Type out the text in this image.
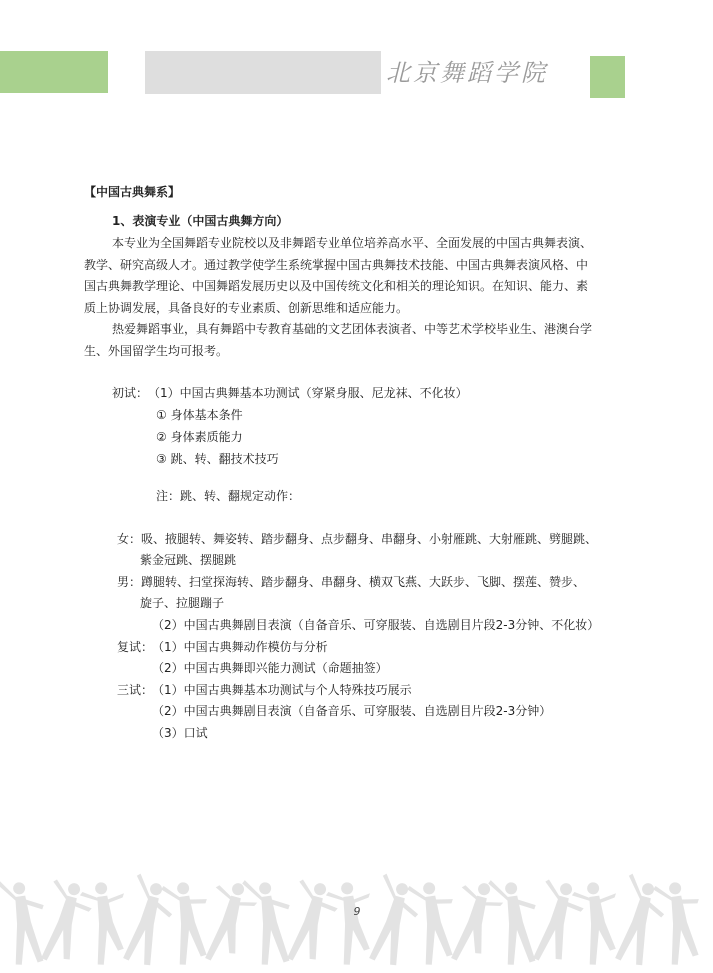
北京舞蹈学院
【中国古典舞系】
1、表演专业（中国古典舞方向）
本专业为全国舞蹈专业院校以及非舞蹈专业单位培养高水平、全面发展的中国古典舞表演、
教学、研究高级人才。通过教学使学生系统掌握中国古典舞技术技能、中国古典舞表演风格、中
国古典舞教学理论、中国舞蹈发展历史以及中国传统文化和相关的理论知识。在知识、能力、素
质上协调发展，具备良好的专业素质、创新思维和适应能力。
热爱舞蹈事业，具有舞蹈中专教育基础的文艺团体表演者、中等艺术学校毕业生、港澳台学
生、外国留学生均可报考。
初试： （1）中国古典舞基本功测试（穿紧身服、尼龙袜、不化妆）
① 身体基本条件
② 身体素质能力
③ 跳、转、翻技术技巧
注：跳、转、翻规定动作：
女：吸、掖腿转、舞姿转、踏步翻身、点步翻身、串翻身、小射雁跳、大射雁跳、劈腿跳、
紫金冠跳、摆腿跳
男：蹲腿转、扫堂探海转、踏步翻身、串翻身、横双飞燕、大跃步、飞脚、摆莲、赞步、
旋子、拉腿蹦子
（2）中国古典舞剧目表演（自备音乐、可穿服装、自选剧目片段2-3分钟、不化妆）
复试：
（1）中国古典舞动作模仿与分析
（2）中国古典舞即兴能力测试（命题抽签）
三试：
（1）中国古典舞基本功测试与个人特殊技巧展示
（2）中国古典舞剧目表演（自备音乐、可穿服装、自选剧目片段2-3分钟）
（3）口试
9
